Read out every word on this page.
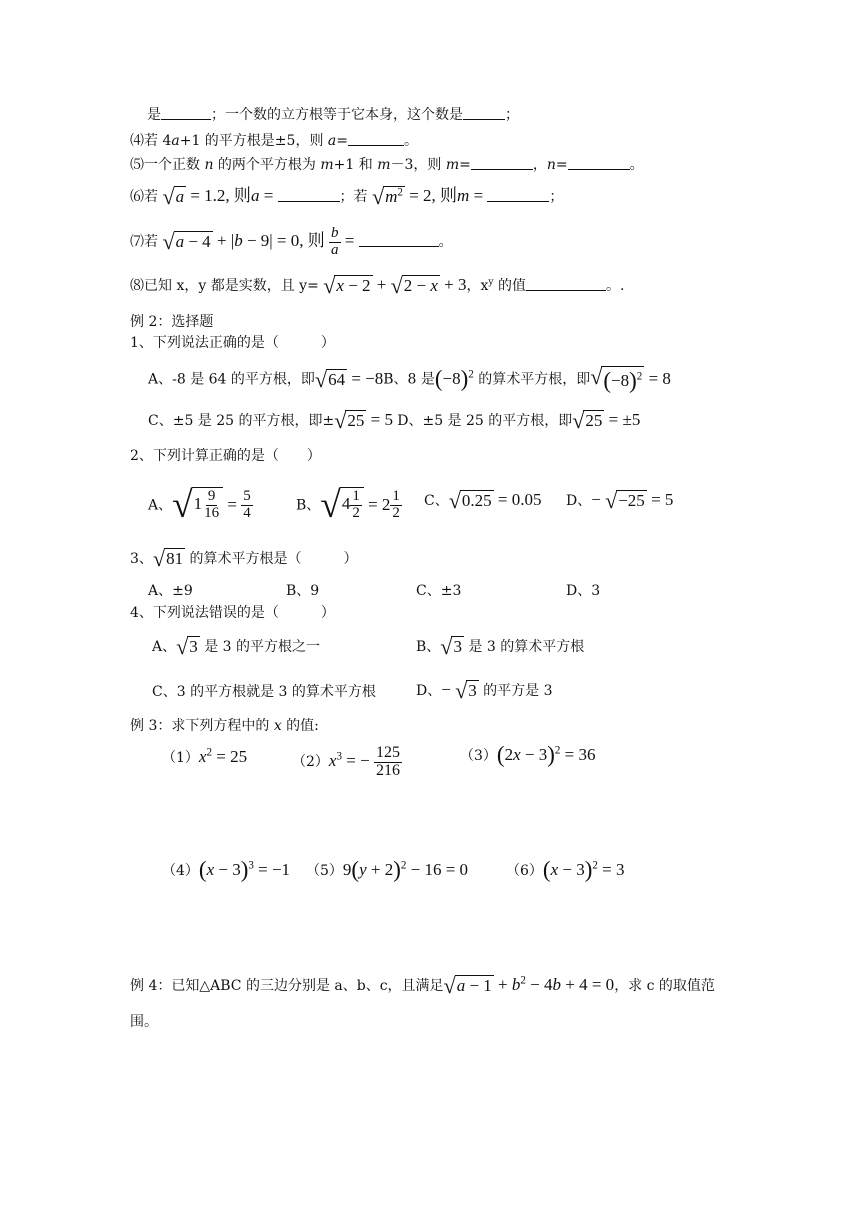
是	；一个数的立方根等于它本身，这个数是	；
⑷若 4a+1 的平方根是±5，则 a=	。
⑸一个正数 n 的两个平方根为 m+1 和 m－3，则 m=	，n=	。
⑹若 √ a = 1.2, 则a =	；若 √ $m^2 = 2$, 则m =	；
⑺若 √ a − 4 + |b − 9| = 0, 则 $\frac{b}{a}$ =	。
⑻已知 x，y 都是实数，且 y= √ x − 2 + √ 2 − x + 3，$x^y$ 的值	。.
例 2：选择题
1、下列说法正确的是（　　　）
A、-8 是 64 的平方根，即 √ 64 = −8B、8 是$(-8)^2$ 的算术平方根，即 √ $(-8)^2 = 8$
C、±5 是 25 的平方根，即± √ 25 = 5 D、±5 是 25 的平方根，即 √ 25 = ±5
2、下列计算正确的是（　　）
A、 √ $1 \frac{9}{16} = \frac{5}{4}$	B、 √ $4 \frac{1}{2} = 2 \frac{1}{2}$ C、 √ 0.25 = 0.05 D、− √ −25 = 5
3、 √ 81 的算术平方根是（　　　）
A、±9	B、9	C、±3	D、3
4、下列说法错误的是（　　　）
A、 √ 3 是 3 的平方根之一	B、 √ 3 是 3 的算术平方根
C、3 的平方根就是 3 的算术平方根	D、− √ 3 的平方是 3
例 3：求下列方程中的 x 的值:
$(1)x^2 = 25$	$(2)x^3$ = − $\frac{125}{216}$	$(3)(2x - 3)^2 = 36$
$(4)(x - 3)^3 = -1$ $(5)9(y + 2)^2 - 16 = 0$	$(6)(x - 3)^2 = 3$
例 4：已知△ABC 的三边分别是 a、b、c，且满足 √ $a - 1 + b^2 - 4b + 4 = 0$，求 c 的取值范
围。
